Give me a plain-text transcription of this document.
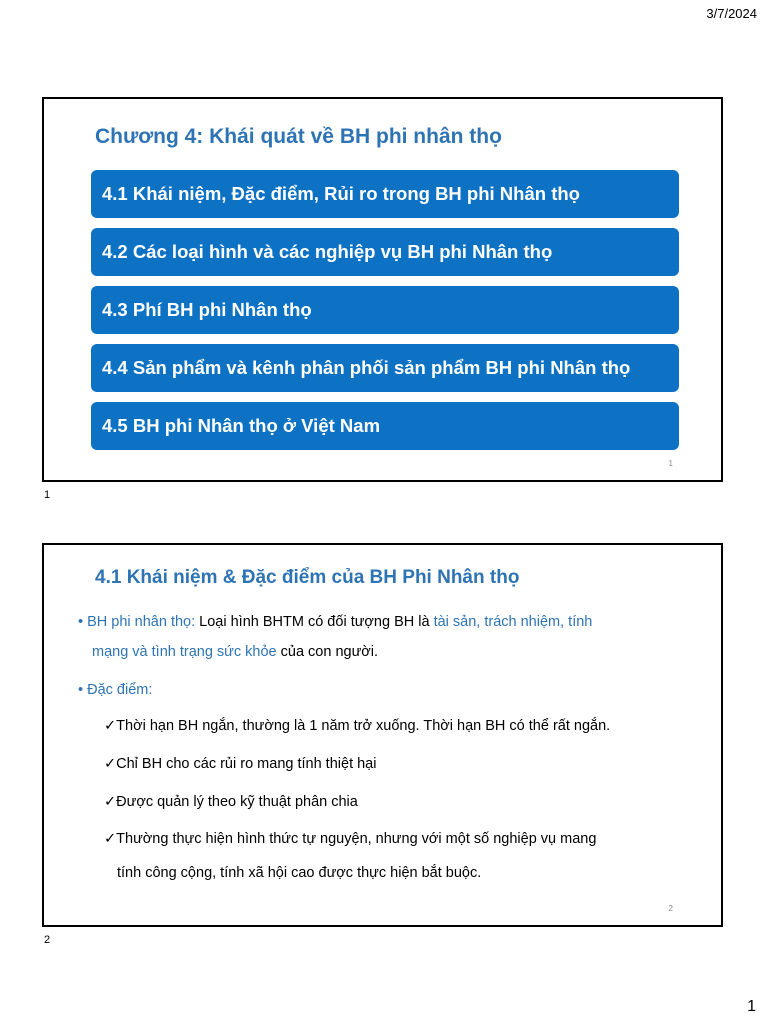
3/7/2024
Chương 4: Khái quát về BH phi nhân thọ
4.1 Khái niệm, Đặc điểm, Rủi ro trong BH phi Nhân thọ
4.2 Các loại hình và các nghiệp vụ BH phi Nhân thọ
4.3 Phí BH phi Nhân thọ
4.4 Sản phẩm và kênh phân phối sản phẩm BH phi Nhân thọ
4.5 BH phi Nhân thọ ở Việt Nam
1
1
4.1 Khái niệm & Đặc điểm của BH Phi Nhân thọ
• BH phi nhân thọ: Loại hình BHTM có đối tượng BH là tài sản, trách nhiệm, tính
mạng và tình trạng sức khỏe của con người.
• Đặc điểm:
✓Thời hạn BH ngắn, thường là 1 năm trở xuống. Thời hạn BH có thể rất ngắn.
✓Chỉ BH cho các rủi ro mang tính thiệt hại
✓Được quản lý theo kỹ thuật phân chia
✓Thường thực hiện hình thức tự nguyện, nhưng với một số nghiệp vụ mang
tính công cộng, tính xã hội cao được thực hiện bắt buộc.
2
2
1
